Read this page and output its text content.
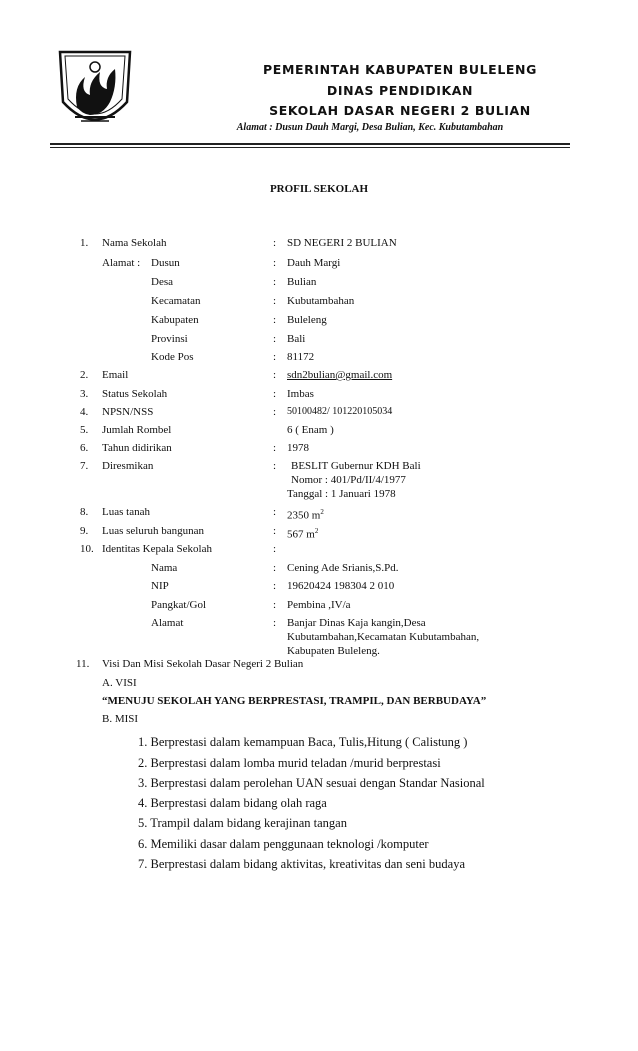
PEMERINTAH KABUPATEN BULELENG
DINAS PENDIDIKAN
SEKOLAH DASAR NEGERI 2 BULIAN
Alamat : Dusun Dauh Margi, Desa Bulian, Kec. Kubutambahan
PROFIL SEKOLAH
1. Nama Sekolah	: SD NEGERI 2 BULIAN
Alamat : Dusun	: Dauh Margi
Desa	: Bulian
Kecamatan	: Kubutambahan
Kabupaten	: Buleleng
Provinsi	: Bali
Kode Pos	: 81172
2. Email	: sdn2bulian@gmail.com
3. Status Sekolah	: Imbas
4. NPSN/NSS	: 50100482/ 101220105034
5. Jumlah Rombel	6 ( Enam )
6. Tahun didirikan	: 1978
7. Diresmikan	: BESLIT Gubernur KDH Bali
Nomor : 401/Pd/II/4/1977
Tanggal : 1 Januari 1978
8. Luas tanah	: 2350 $m^2$
9. Luas seluruh bangunan	: 567 $m^2$
10. Identitas Kepala Sekolah	:
Nama	: Cening Ade Srianis,S.Pd.
NIP	: 19620424 198304 2 010
Pangkat/Gol	: Pembina ,IV/a
Alamat	: Banjar Dinas Kaja kangin,Desa
Kubutambahan,Kecamatan Kubutambahan,
Kabupaten Buleleng.
11. Visi Dan Misi Sekolah Dasar Negeri 2 Bulian
A. VISI
“MENUJU SEKOLAH YANG BERPRESTASI, TRAMPIL, DAN BERBUDAYA”
B. MISI
1. Berprestasi dalam kemampuan Baca, Tulis,Hitung ( Calistung )
2. Berprestasi dalam lomba murid teladan /murid berprestasi
3. Berprestasi dalam perolehan UAN sesuai dengan Standar Nasional
4. Berprestasi dalam bidang olah raga
5. Trampil dalam bidang kerajinan tangan
6. Memiliki dasar dalam penggunaan teknologi /komputer
7. Berprestasi dalam bidang aktivitas, kreativitas dan seni budaya
